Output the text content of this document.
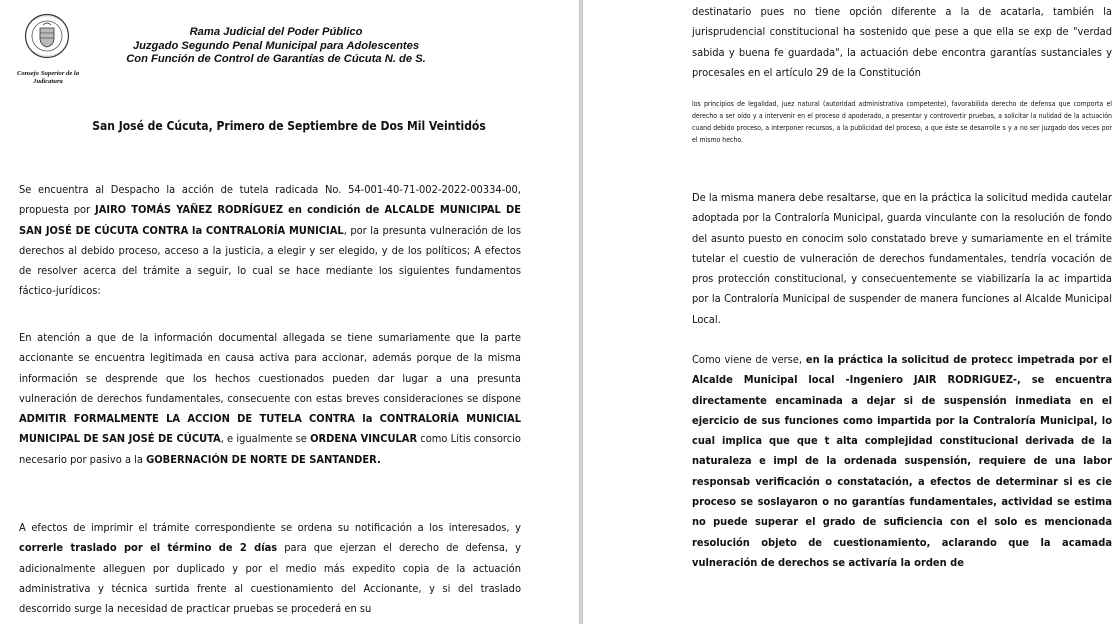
Consejo Superior de la Judicatura
Rama Judicial del Poder Público
Juzgado Segundo Penal Municipal para Adolescentes
Con Función de Control de Garantías de Cúcuta N. de S.
San José de Cúcuta, Primero de Septiembre de Dos Mil Veintidós
Se encuentra al Despacho la acción de tutela radicada No. 54-001-40-71-002-2022-00334-00, propuesta por JAIRO TOMÁS YAÑEZ RODRÍGUEZ en condición de ALCALDE MUNICIPAL DE SAN JOSÉ DE CÚCUTA CONTRA la CONTRALORÍA MUNICIAL, por la presunta vulneración de los derechos al debido proceso, acceso a la justicia, a elegir y ser elegido, y de los políticos; A efectos de resolver acerca del trámite a seguir, lo cual se hace mediante los siguientes fundamentos fáctico-jurídicos:
En atención a que de la información documental allegada se tiene sumariamente que la parte accionante se encuentra legitimada en causa activa para accionar, además porque de la misma información se desprende que los hechos cuestionados pueden dar lugar a una presunta vulneración de derechos fundamentales, consecuente con estas breves consideraciones se dispone ADMITIR FORMALMENTE LA ACCION DE TUTELA CONTRA la CONTRALORÍA MUNICIAL MUNICIPAL DE SAN JOSÉ DE CÚCUTA, e igualmente se ORDENA VINCULAR como Litis consorcio necesario por pasivo a la GOBERNACIÓN DE NORTE DE SANTANDER.
A efectos de imprimir el trámite correspondiente se ordena su notificación a los interesados, y correrle traslado por el término de 2 días para que ejerzan el derecho de defensa, y adicionalmente alleguen por duplicado y por el medio más expedito copia de la actuación administrativa y técnica surtida frente al cuestionamiento del Accionante, y si del traslado descorrido surge la necesidad de practicar pruebas se procederá en su
destinatario pues no tiene opción diferente a la de acatarla, también la jurisprudencial constitucional ha sostenido que pese a que ella se exp de "verdad sabida y buena fe guardada", la actuación debe encontra garantías sustanciales y procesales en el artículo 29 de la Constitución
los principios de legalidad, juez natural (autoridad administrativa competente), favorabilida derecho de defensa que comporta el derecho a ser oído y a intervenir en el proceso d apoderado, a presentar y controvertir pruebas, a solicitar la nulidad de la actuación cuand debido proceso, a interponer recursos, a la publicidad del proceso, a que éste se desarrolle s y a no ser juzgado dos veces por el mismo hecho.
De la misma manera debe resaltarse, que en la práctica la solicitud medida cautelar adoptada por la Contraloría Municipal, guarda vinculante con la resolución de fondo del asunto puesto en conocim solo constatado breve y sumariamente en el trámite tutelar el cuestio de vulneración de derechos fundamentales, tendría vocación de pros protección constitucional, y consecuentemente se viabilizaría la ac impartida por la Contraloría Municipal de suspender de manera funciones al Alcalde Municipal Local.
Como viene de verse, en la práctica la solicitud de protecc impetrada por el Alcalde Municipal local -Ingeniero JAIR RODRIGUEZ-, se encuentra directamente encaminada a dejar si de suspensión inmediata en el ejercicio de sus funciones como impartida por la Contraloría Municipal, lo cual implica que que t alta complejidad constitucional derivada de la naturaleza e impl de la ordenada suspensión, requiere de una labor responsab verificación o constatación, a efectos de determinar si es cie proceso se soslayaron o no garantías fundamentales, actividad se estima no puede superar el grado de suficiencia con el solo es mencionada resolución objeto de cuestionamiento, aclarando que la acamada vulneración de derechos se activaría la orden de
